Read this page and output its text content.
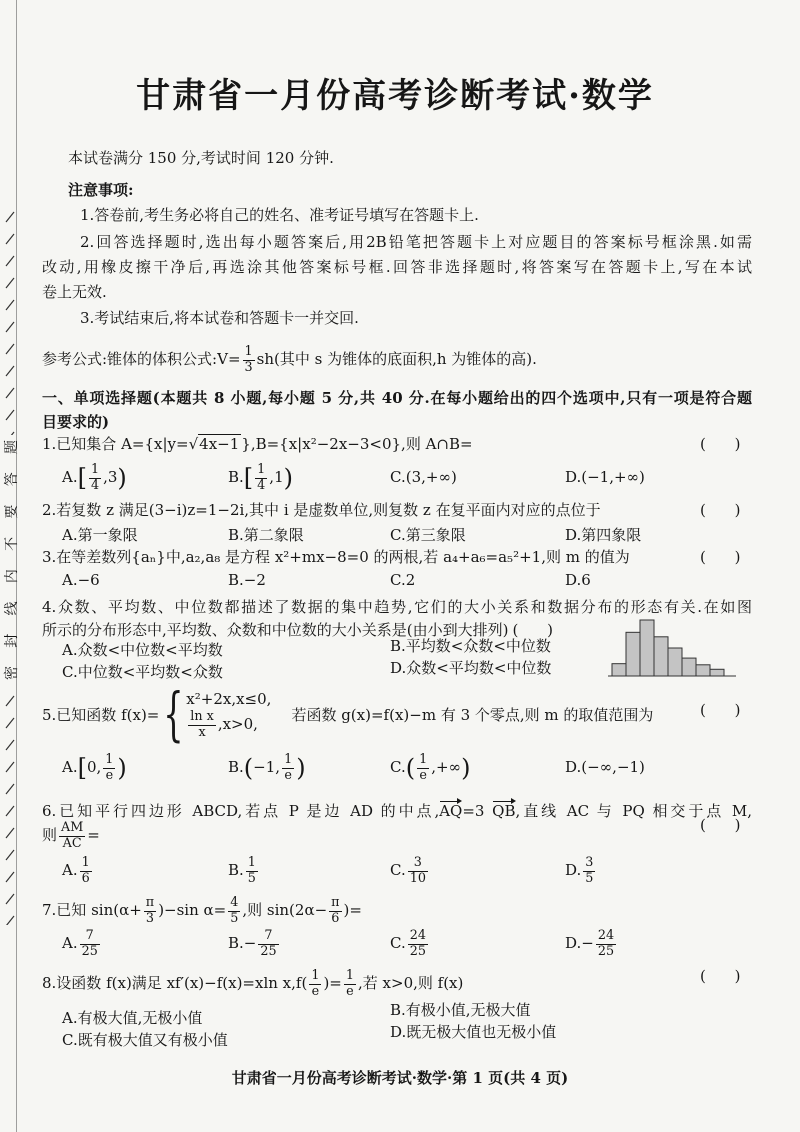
密封线内不要答题
甘肃省一月份高考诊断考试·数学
本试卷满分 150 分,考试时间 120 分钟.
注意事项:
1.答卷前,考生务必将自己的姓名、准考证号填写在答题卡上.
2.回答选择题时,选出每小题答案后,用2B铅笔把答题卡上对应题目的答案标号框涂黑.如需
改动,用橡皮擦干净后,再选涂其他答案标号框.回答非选择题时,将答案写在答题卡上,写在本试
卷上无效.
3.考试结束后,将本试卷和答题卡一并交回.
参考公式:锥体的体积公式:V= $\frac{1}{3} sh$(其中 s 为锥体的底面积,h 为锥体的高).
一、单项选择题(本题共 8 小题,每小题 5 分,共 40 分.在每小题给出的四个选项中,只有一项是符合题
目要求的)
1.已知集合 A={x|y=√ 4x−1 },B={x|x²−2x−3<0},则 A∩B=	( )
$A.[ \frac{1}{4} ,3)$	$B.[ \frac{1}{4} ,1)$	C.(3,+∞)	D.(−1,+∞)
2.若复数 z 满足(3−i)z=1−2i,其中 i 是虚数单位,则复数 z 在复平面内对应的点位于	( )
A.第一象限	B.第二象限	C.第三象限	D.第四象限
3.在等差数列{aₙ}中,a₂,a₈ 是方程 x²+mx−8=0 的两根,若 a₄+a₆=a₅²+1,则 m 的值为	( )
A.−6	B.−2	C.2	D.6
4.众数、平均数、中位数都描述了数据的集中趋势,它们的大小关系和数据分布的形态有关.在如图
所示的分布形态中,平均数、众数和中位数的大小关系是(由小到大排列) ( )
A.众数<中位数<平均数	B.平均数<众数<中位数
C.中位数<平均数<众数	D.众数<平均数<中位数
5.已知函数 f(x)=
{
x²+2x,x≤0,
$\frac{\text{ln x}}{x} ,x>0$,
若函数 g(x)=f(x)−m 有 3 个零点,则 m 的取值范围为	( )
A.[0, $\frac{1}{e}$ )	B.(−1, $\frac{1}{e}$ )	$C.( \frac{1}{e}$ ,+∞)	D.(−∞,−1)
6.已知平行四边形 ABCD,若点 P 是边 AD 的中点,AQ=3 QB,直线 AC 与 PQ 相交于点 M,
( )
则 $\frac{AM}{AC}$ =
A. $\frac{1}{6}$	B. $\frac{1}{5}$	C. $\frac{3}{10}$	D. $\frac{3}{5}$
7.已知 $\sin(\alpha+ \frac{\pi}{3} )-\sin$ $\alpha= \frac{4}{5}$ ,则 $\sin(2\alpha- \frac{\pi}{6}$ )=
A. $\frac{7}{25}$	$B.- \frac{7}{25}$	C. $\frac{24}{25}$	$D.- \frac{24}{25}$
8.设函数 f(x)满足 xf′(x)−f(x)=xln $x,f( \frac{1}{e}$ )= $\frac{1}{e}$ ,若 x>0,则 f(x)	( )
A.有极大值,无极小值	B.有极小值,无极大值
C.既有极大值又有极小值	D.既无极大值也无极小值
甘肃省一月份高考诊断考试·数学·第 1 页(共 4 页)
